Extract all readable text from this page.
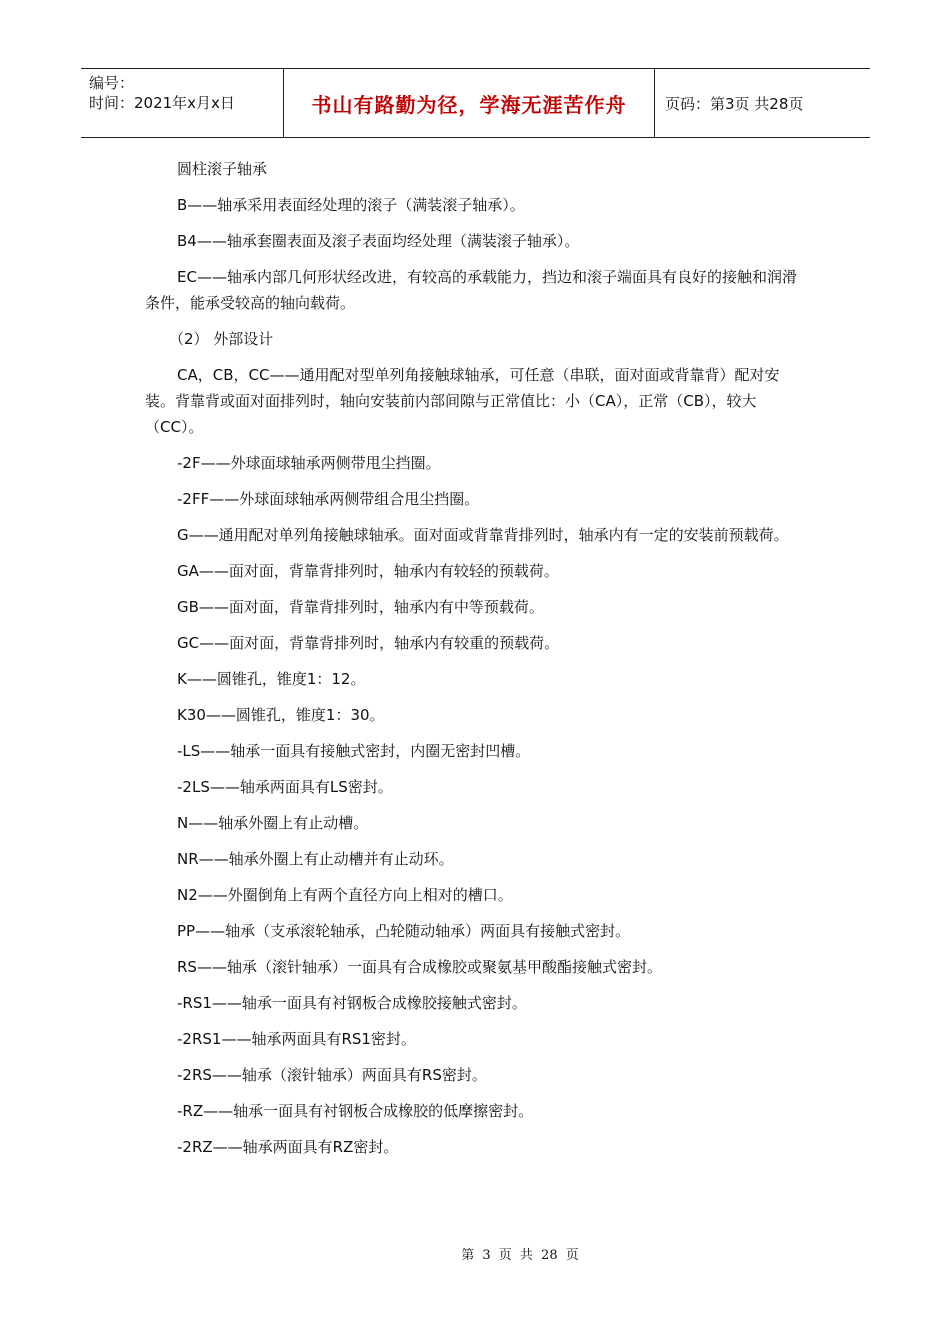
编号：
时间：2021年x月x日	书山有路勤为径，学海无涯苦作舟	页码：第3页 共28页

圆柱滚子轴承

B——轴承采用表面经处理的滚子（满装滚子轴承）。

B4——轴承套圈表面及滚子表面均经处理（满装滚子轴承）。

EC——轴承内部几何形状经改进，有较高的承载能力，挡边和滚子端面具有良好的接触和润滑条件，能承受较高的轴向载荷。

（2） 外部设计

CA，CB，CC——通用配对型单列角接触球轴承，可任意（串联，面对面或背靠背）配对安装。背靠背或面对面排列时，轴向安装前内部间隙与正常值比：小（CA），正常（CB），较大（CC）。

-2F——外球面球轴承两侧带甩尘挡圈。

-2FF——外球面球轴承两侧带组合甩尘挡圈。

G——通用配对单列角接触球轴承。面对面或背靠背排列时，轴承内有一定的安装前预载荷。

GA——面对面，背靠背排列时，轴承内有较轻的预载荷。

GB——面对面，背靠背排列时，轴承内有中等预载荷。

GC——面对面，背靠背排列时，轴承内有较重的预载荷。

K——圆锥孔，锥度1：12。

K30——圆锥孔，锥度1：30。

-LS——轴承一面具有接触式密封，内圈无密封凹槽。

-2LS——轴承两面具有LS密封。

N——轴承外圈上有止动槽。

NR——轴承外圈上有止动槽并有止动环。

N2——外圈倒角上有两个直径方向上相对的槽口。

PP——轴承（支承滚轮轴承，凸轮随动轴承）两面具有接触式密封。

RS——轴承（滚针轴承）一面具有合成橡胶或聚氨基甲酸酯接触式密封。

-RS1——轴承一面具有衬钢板合成橡胶接触式密封。

-2RS1——轴承两面具有RS1密封。

-2RS——轴承（滚针轴承）两面具有RS密封。

-RZ——轴承一面具有衬钢板合成橡胶的低摩擦密封。

-2RZ——轴承两面具有RZ密封。

第 3 页 共 28 页
